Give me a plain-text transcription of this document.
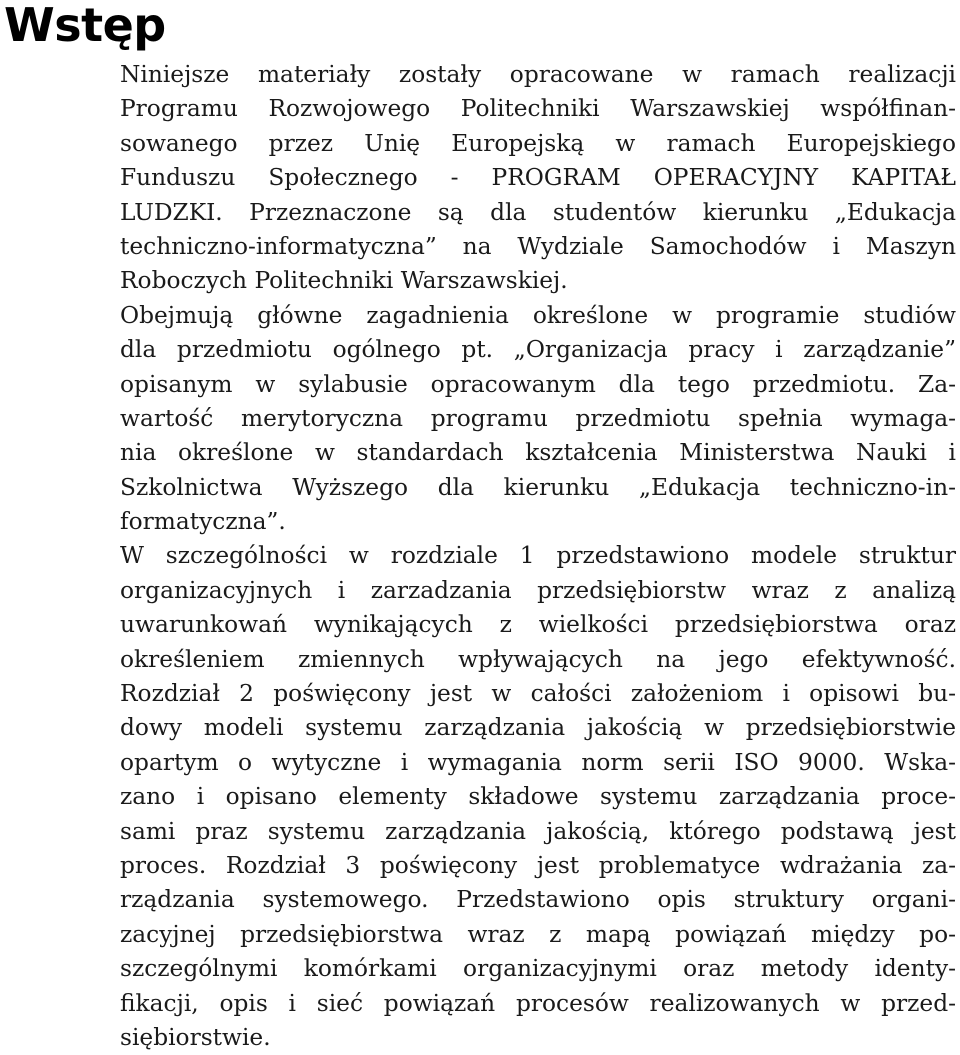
Wstęp
Niniejsze materiały zostały opracowane w ramach realizacji
Programu Rozwojowego Politechniki Warszawskiej współfinan-
sowanego przez Unię Europejską w ramach Europejskiego
Funduszu Społecznego - PROGRAM OPERACYJNY KAPITAŁ
LUDZKI. Przeznaczone są dla studentów kierunku „Edukacja
techniczno-informatyczna” na Wydziale Samochodów i Maszyn
Roboczych Politechniki Warszawskiej.
Obejmują główne zagadnienia określone w programie studiów
dla przedmiotu ogólnego pt. „Organizacja pracy i zarządzanie”
opisanym w sylabusie opracowanym dla tego przedmiotu. Za-
wartość merytoryczna programu przedmiotu spełnia wymaga-
nia określone w standardach kształcenia Ministerstwa Nauki i
Szkolnictwa Wyższego dla kierunku „Edukacja techniczno-in-
formatyczna”.
W szczególności w rozdziale 1 przedstawiono modele struktur
organizacyjnych i zarzadzania przedsiębiorstw wraz z analizą
uwarunkowań wynikających z wielkości przedsiębiorstwa oraz
określeniem zmiennych wpływających na jego efektywność.
Rozdział 2 poświęcony jest w całości założeniom i opisowi bu-
dowy modeli systemu zarządzania jakością w przedsiębiorstwie
opartym o wytyczne i wymagania norm serii ISO 9000. Wska-
zano i opisano elementy składowe systemu zarządzania proce-
sami praz systemu zarządzania jakością, którego podstawą jest
proces. Rozdział 3 poświęcony jest problematyce wdrażania za-
rządzania systemowego. Przedstawiono opis struktury organi-
zacyjnej przedsiębiorstwa wraz z mapą powiązań między po-
szczególnymi komórkami organizacyjnymi oraz metody identy-
fikacji, opis i sieć powiązań procesów realizowanych w przed-
siębiorstwie.
